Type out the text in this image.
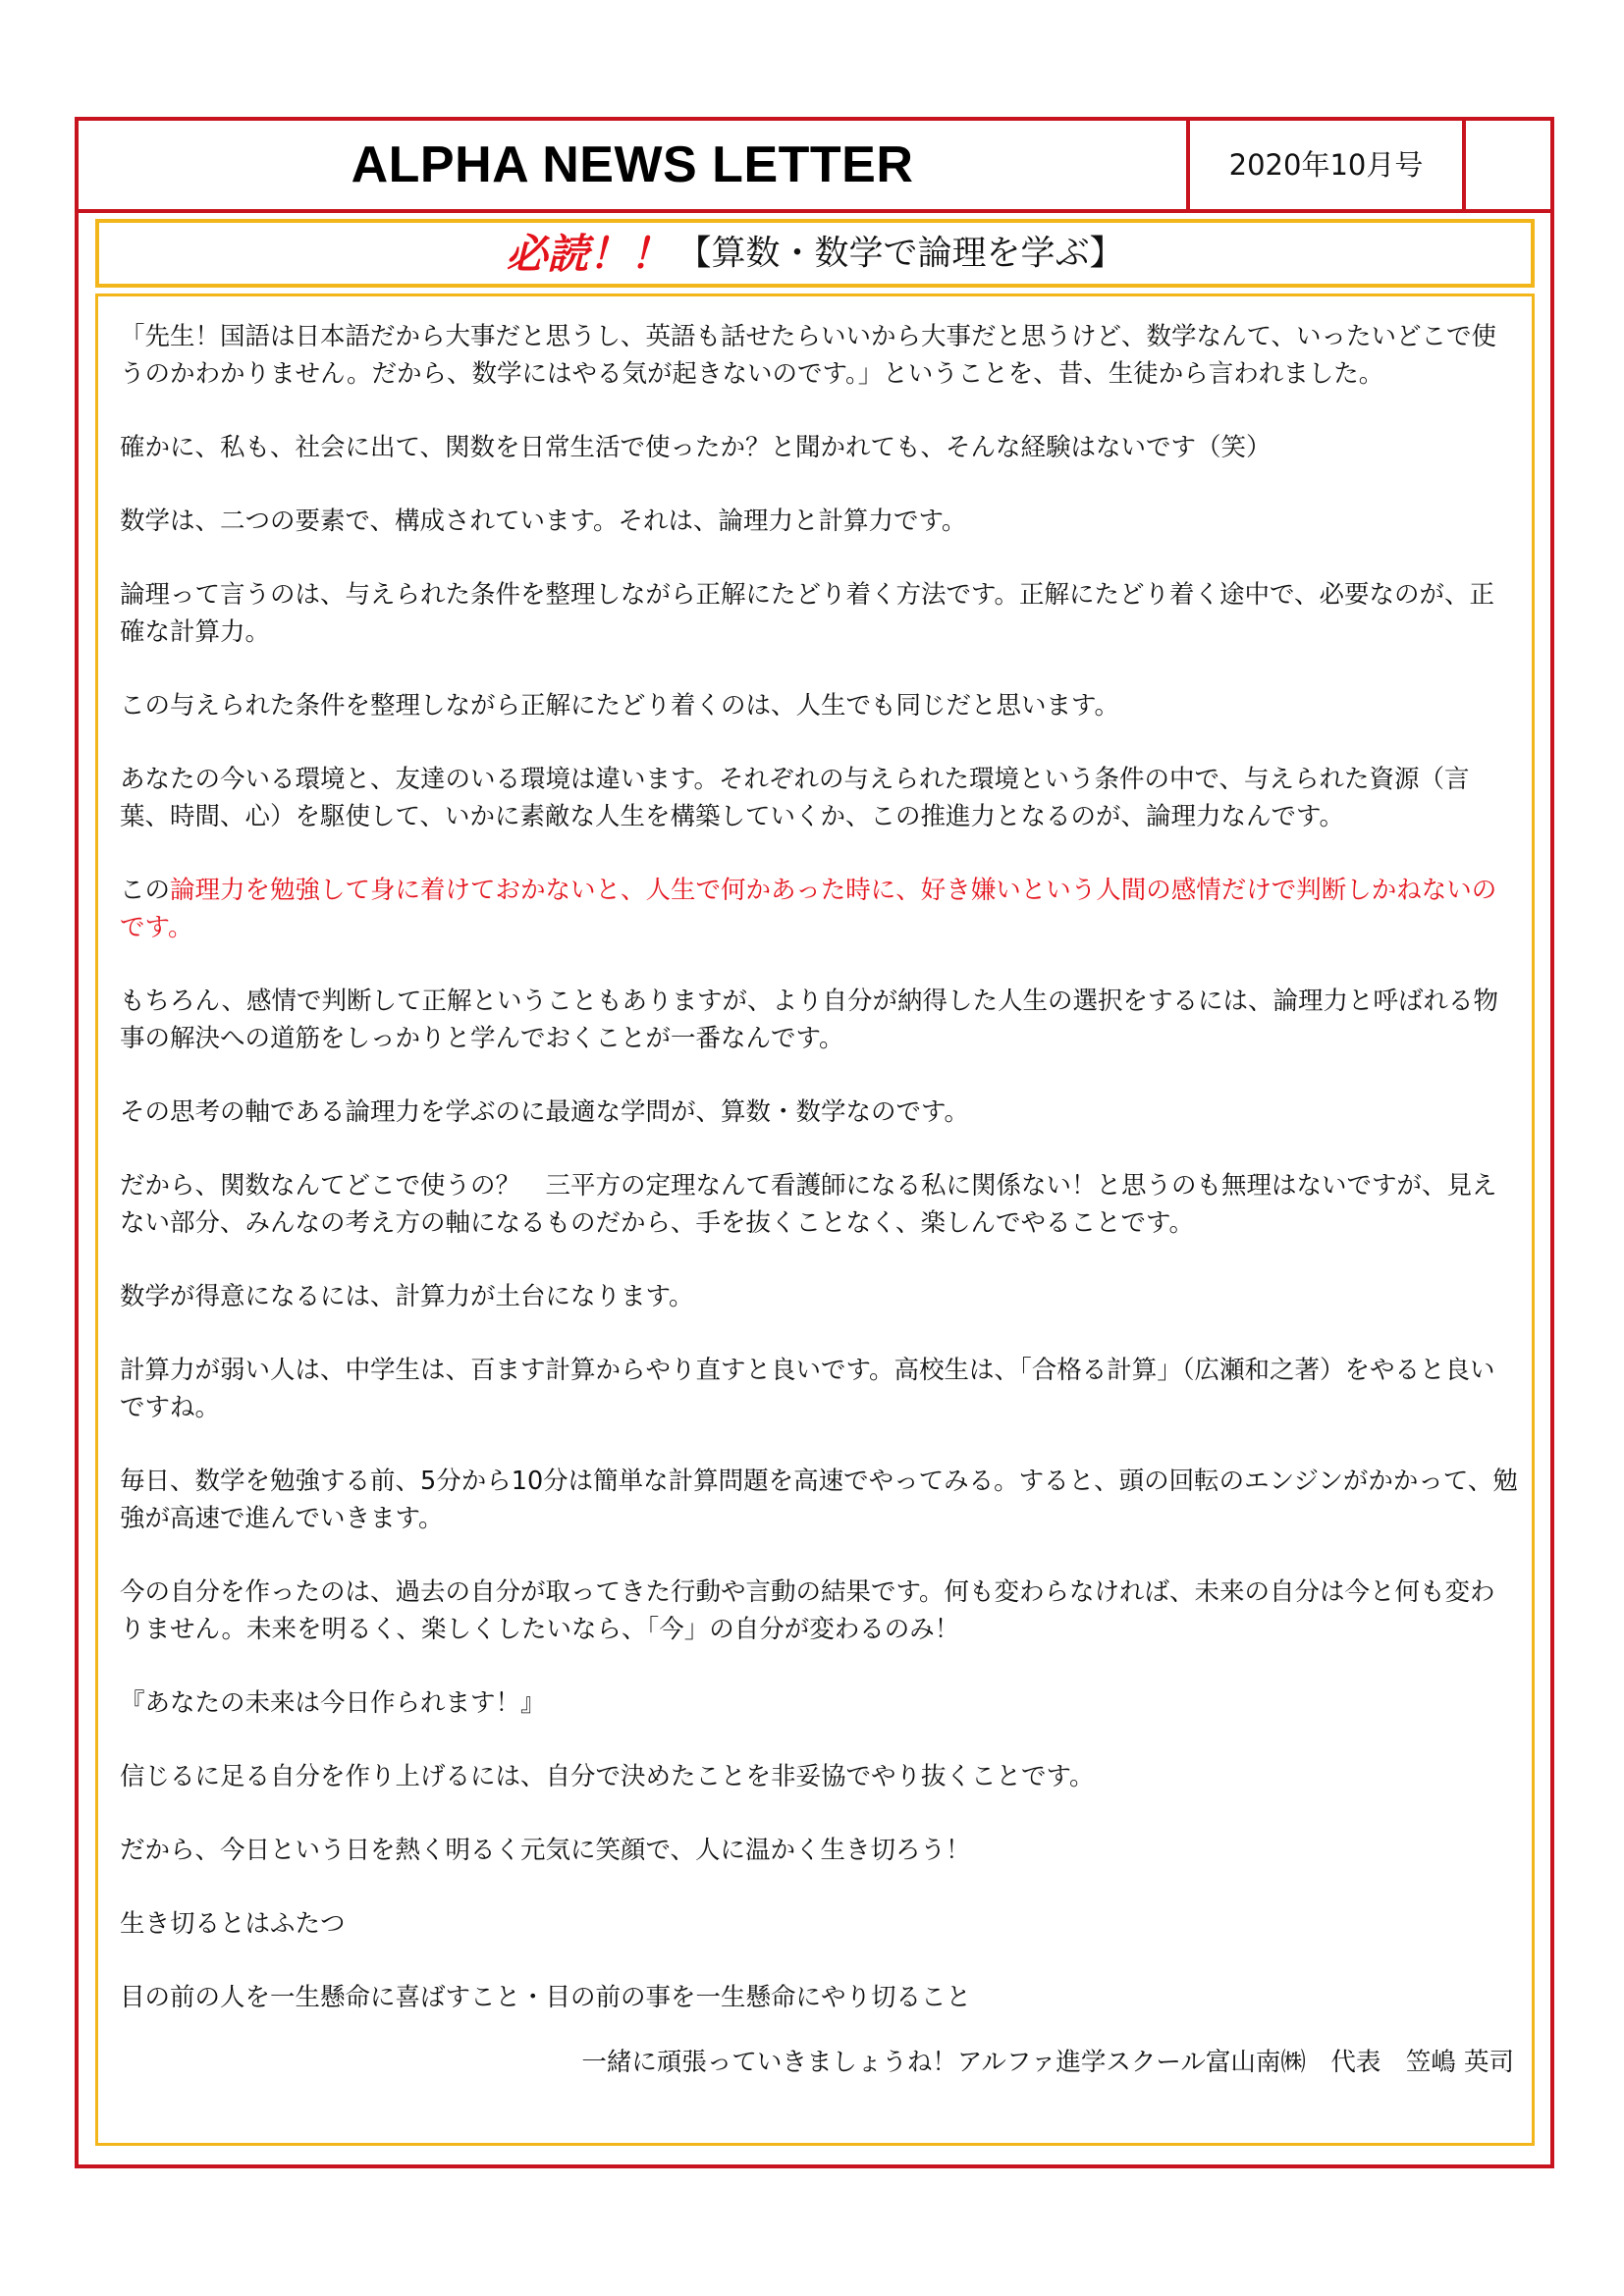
ALPHA NEWS LETTER	2020年10月号
必読！！ 【算数・数学で論理を学ぶ】

「先生！国語は日本語だから大事だと思うし、英語も話せたらいいから大事だと思うけど、数学なんて、いったいどこで使うのかわかりません。だから、数学にはやる気が起きないのです。」ということを、昔、生徒から言われました。

確かに、私も、社会に出て、関数を日常生活で使ったか？と聞かれても、そんな経験はないです（笑）

数学は、二つの要素で、構成されています。それは、論理力と計算力です。

論理って言うのは、与えられた条件を整理しながら正解にたどり着く方法です。正解にたどり着く途中で、必要なのが、正確な計算力。

この与えられた条件を整理しながら正解にたどり着くのは、人生でも同じだと思います。

あなたの今いる環境と、友達のいる環境は違います。それぞれの与えられた環境という条件の中で、与えられた資源（言葉、時間、心）を駆使して、いかに素敵な人生を構築していくか、この推進力となるのが、論理力なんです。

この論理力を勉強して身に着けておかないと、人生で何かあった時に、好き嫌いという人間の感情だけで判断しかねないのです。

もちろん、感情で判断して正解ということもありますが、より自分が納得した人生の選択をするには、論理力と呼ばれる物事の解決への道筋をしっかりと学んでおくことが一番なんです。

その思考の軸である論理力を学ぶのに最適な学問が、算数・数学なのです。

だから、関数なんてどこで使うの？　三平方の定理なんて看護師になる私に関係ない！と思うのも無理はないですが、見えない部分、みんなの考え方の軸になるものだから、手を抜くことなく、楽しんでやることです。

数学が得意になるには、計算力が土台になります。

計算力が弱い人は、中学生は、百ます計算からやり直すと良いです。高校生は、「合格る計算」（広瀬和之著）をやると良いですね。

毎日、数学を勉強する前、5分から10分は簡単な計算問題を高速でやってみる。すると、頭の回転のエンジンがかかって、勉強が高速で進んでいきます。

今の自分を作ったのは、過去の自分が取ってきた行動や言動の結果です。何も変わらなければ、未来の自分は今と何も変わりません。未来を明るく、楽しくしたいなら、「今」の自分が変わるのみ！

『あなたの未来は今日作られます！』

信じるに足る自分を作り上げるには、自分で決めたことを非妥協でやり抜くことです。

だから、今日という日を熱く明るく元気に笑顔で、人に温かく生き切ろう！

生き切るとはふたつ

目の前の人を一生懸命に喜ばすこと・目の前の事を一生懸命にやり切ること

一緒に頑張っていきましょうね！アルファ進学スクール富山南㈱　代表　笠嶋 英司
